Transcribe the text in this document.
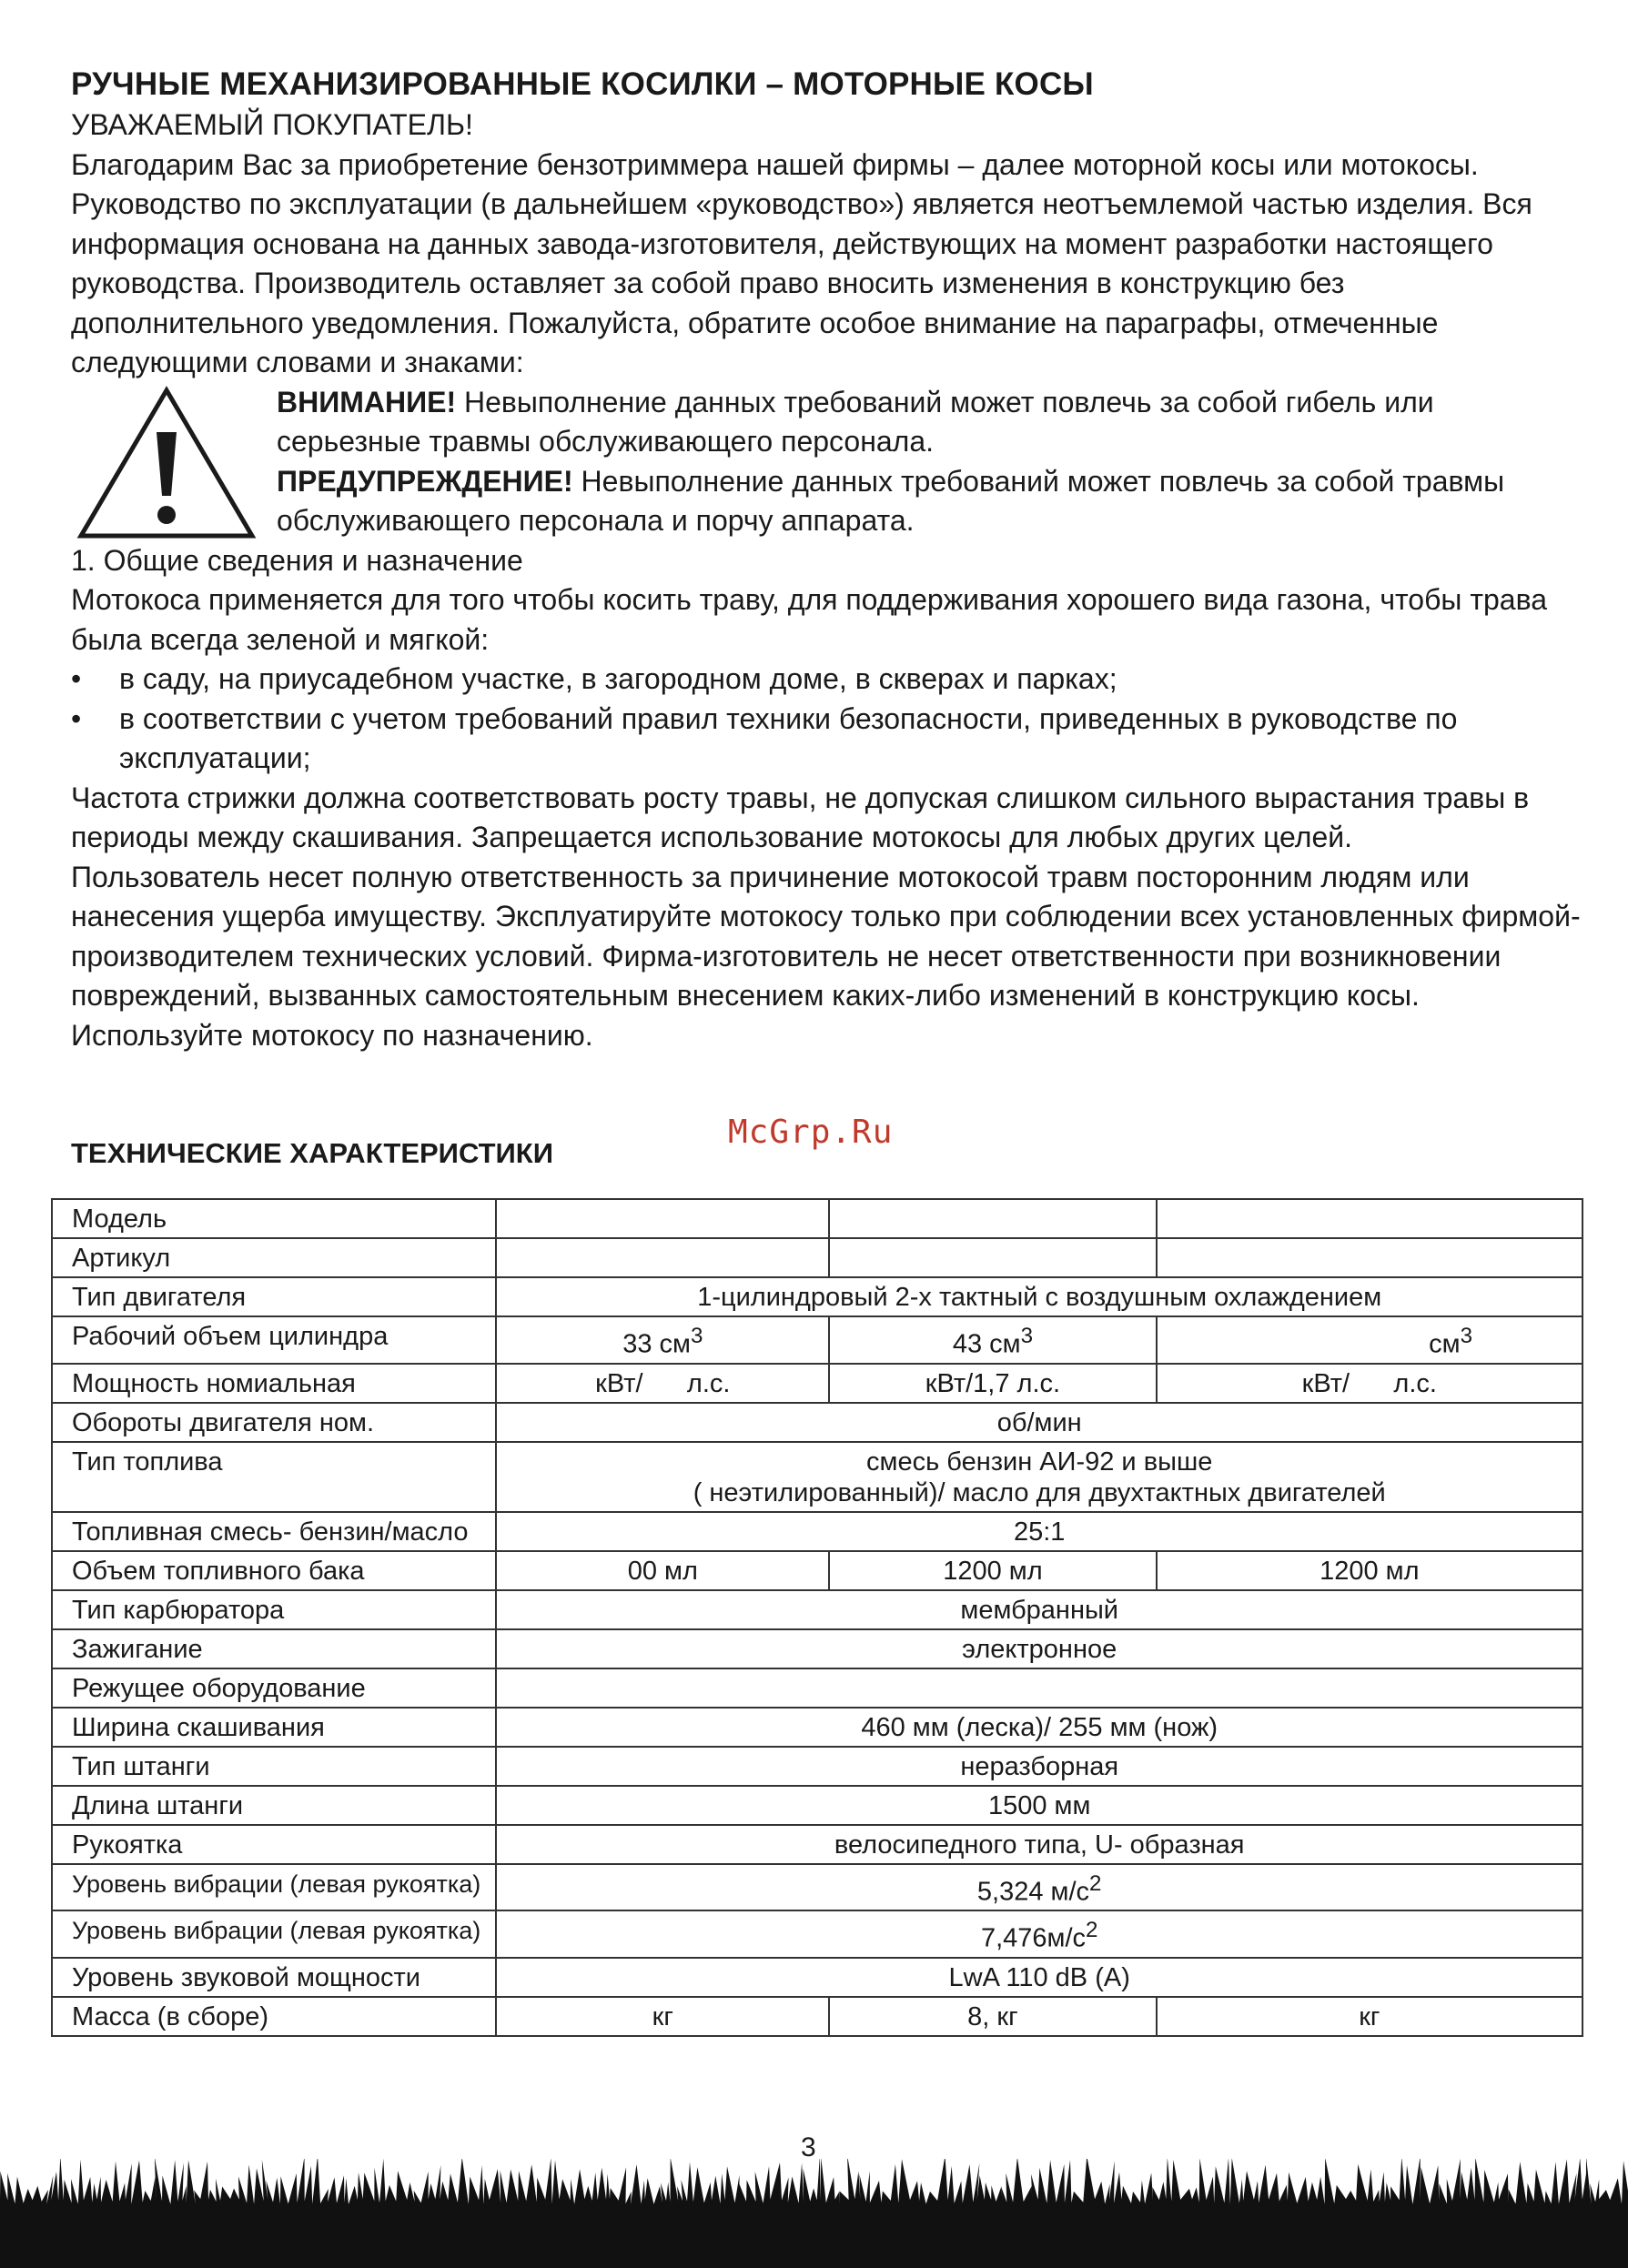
РУЧНЫЕ МЕХАНИЗИРОВАННЫЕ КОСИЛКИ – МОТОРНЫЕ КОСЫ

УВАЖАЕМЫЙ ПОКУПАТЕЛЬ!

Благодарим Вас за приобретение бензотриммера нашей фирмы – далее моторной косы или мотокосы. Руководство по эксплуатации (в дальнейшем «руководство») является неотъемлемой частью изделия. Вся информация основана на данных завода-изготовителя, действующих на момент разработки настоящего руководства. Производитель оставляет за собой право вносить изменения в конструкцию без дополнительного уведомления. Пожалуйста, обратите особое внимание на параграфы, отмеченные следующими словами и знаками:

ВНИМАНИЕ! Невыполнение данных требований может повлечь за собой гибель или серьезные травмы обслуживающего персонала.

ПРЕДУПРЕЖДЕНИЕ! Невыполнение данных требований может повлечь за собой травмы обслуживающего персонала и порчу аппарата.

1. Общие сведения и назначение

Мотокоса применяется для того чтобы косить траву, для поддерживания хорошего вида газона, чтобы трава была всегда зеленой и мягкой:

• в саду, на приусадебном участке, в загородном доме, в скверах и парках;
• в соответствии с учетом требований правил техники безопасности, приведенных в руководстве по эксплуатации;

Частота стрижки должна соответствовать росту травы, не допуская слишком сильного вырастания травы в периоды между скашивания. Запрещается использование мотокосы для любых других целей.

Пользователь несет полную ответственность за причинение мотокосой травм посторонним людям или нанесения ущерба имуществу. Эксплуатируйте мотокосу только при соблюдении всех установленных фирмой-производителем технических условий. Фирма-изготовитель не несет ответственности при возникновении повреждений, вызванных самостоятельным внесением каких-либо изменений в конструкцию косы.

Используйте мотокосу по назначению.

McGrp.Ru
ТЕХНИЧЕСКИЕ ХАРАКТЕРИСТИКИ
Модель			
Артикул			
Тип двигателя	1-цилиндровый 2-х тактный с воздушным охлаждением		
Рабочий объем цилиндра	33 $см^3$	43 $см^3$	$см^3$
Мощность номиальная	кВт/ л.с.	кВт/1,7 л.с.	кВт/ л.с.
Обороты двигателя ном.	об/мин		
Тип топлива	смесь бензин АИ-92 и выше
( неэтилированный)/ масло для двухтактных двигателей		

Топливная смесь- бензин/масло	25:1		
Объем топливного бака	00 мл	1200 мл	1200 мл
Тип карбюратора	мембранный		
Зажигание	электронное		
Режущее оборудование			
Ширина скашивания	460 мм (леска)/ 255 мм (нож)		
Тип штанги	неразборная		
Длина штанги	1500 мм		
Рукоятка	велосипедного типа, U- образная		
Уровень вибрации (левая рукоятка)	5,324 $м/с^2$
Уровень вибрации (левая рукоятка)	$7,476м/с^2$
Уровень звуковой мощности	LwA 110 dB (A)		
Масса (в сборе)	кг	8, кг	кг
3
